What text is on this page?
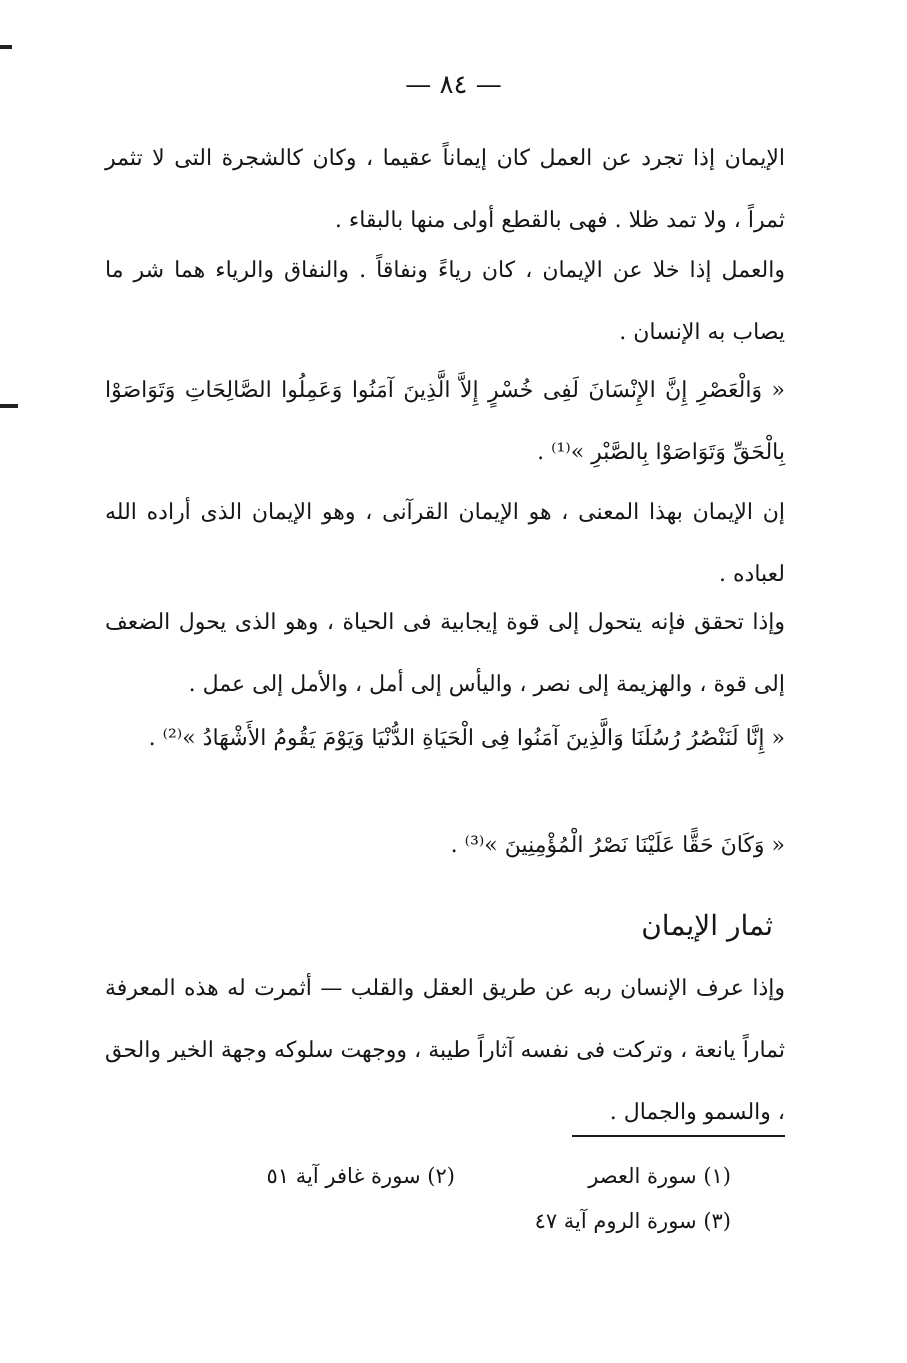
— ٨٤ —
الإيمان إذا تجرد عن العمل كان إيماناً عقيما ، وكان كالشجرة التى لا تثمر ثمراً ، ولا تمد ظلا . فهى بالقطع أولى منها بالبقاء .
والعمل إذا خلا عن الإيمان ، كان رياءً ونفاقاً . والنفاق والرياء هما شر ما يصاب به الإنسان .
« وَالْعَصْرِ إِنَّ الإِنْسَانَ لَفِى خُسْرٍ إِلاَّ الَّذِينَ آمَنُوا وَعَمِلُوا الصَّالِحَاتِ وَتَوَاصَوْا بِالْحَقِّ وَتَوَاصَوْا بِالصَّبْرِ »⁽¹⁾ .
إن الإيمان بهذا المعنى ، هو الإيمان القرآنى ، وهو الإيمان الذى أراده الله لعباده .
وإذا تحقق فإنه يتحول إلى قوة إيجابية فى الحياة ، وهو الذى يحول الضعف إلى قوة ، والهزيمة إلى نصر ، واليأس إلى أمل ، والأمل إلى عمل .
« إِنَّا لَنَنْصُرُ رُسُلَنَا وَالَّذِينَ آمَنُوا فِى الْحَيَاةِ الدُّنْيَا وَيَوْمَ يَقُومُ الأَشْهَادُ »⁽²⁾ .
« وَكَانَ حَقًّا عَلَيْنَا نَصْرُ الْمُؤْمِنِينَ »⁽³⁾ .
ثمار الإيمان
وإذا عرف الإنسان ربه عن طريق العقل والقلب — أثمرت له هذه المعرفة ثماراً يانعة ، وتركت فى نفسه آثاراً طيبة ، ووجهت سلوكه وجهة الخير والحق ، والسمو والجمال .
(١) سورة العصر
(٢) سورة غافر آية ٥١
(٣) سورة الروم آية ٤٧
